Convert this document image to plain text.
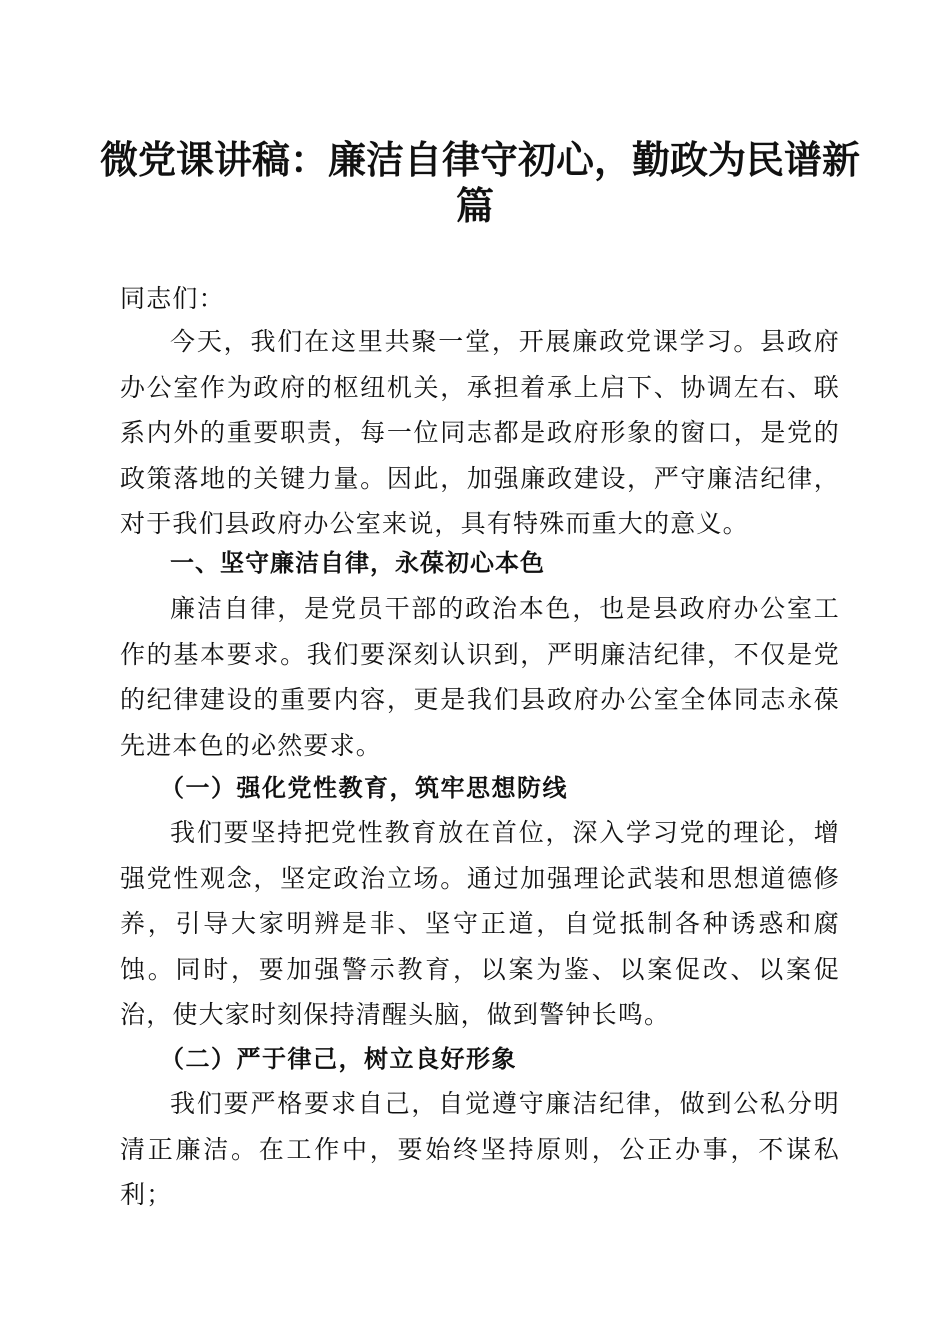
微党课讲稿：廉洁自律守初心，勤政为民谱新
篇

同志们：

今天，我们在这里共聚一堂，开展廉政党课学习。县政府办公室作为政府的枢纽机关，承担着承上启下、协调左右、联系内外的重要职责，每一位同志都是政府形象的窗口，是党的政策落地的关键力量。因此，加强廉政建设，严守廉洁纪律，对于我们县政府办公室来说，具有特殊而重大的意义。

一、坚守廉洁自律，永葆初心本色

廉洁自律，是党员干部的政治本色，也是县政府办公室工作的基本要求。我们要深刻认识到，严明廉洁纪律，不仅是党的纪律建设的重要内容，更是我们县政府办公室全体同志永葆先进本色的必然要求。

（一）强化党性教育，筑牢思想防线

我们要坚持把党性教育放在首位，深入学习党的理论，增强党性观念，坚定政治立场。通过加强理论武装和思想道德修养，引导大家明辨是非、坚守正道，自觉抵制各种诱惑和腐蚀。同时，要加强警示教育，以案为鉴、以案促改、以案促治，使大家时刻保持清醒头脑，做到警钟长鸣。

（二）严于律己，树立良好形象

我们要严格要求自己，自觉遵守廉洁纪律，做到公私分明清正廉洁。在工作中，要始终坚持原则，公正办事，不谋私利；
